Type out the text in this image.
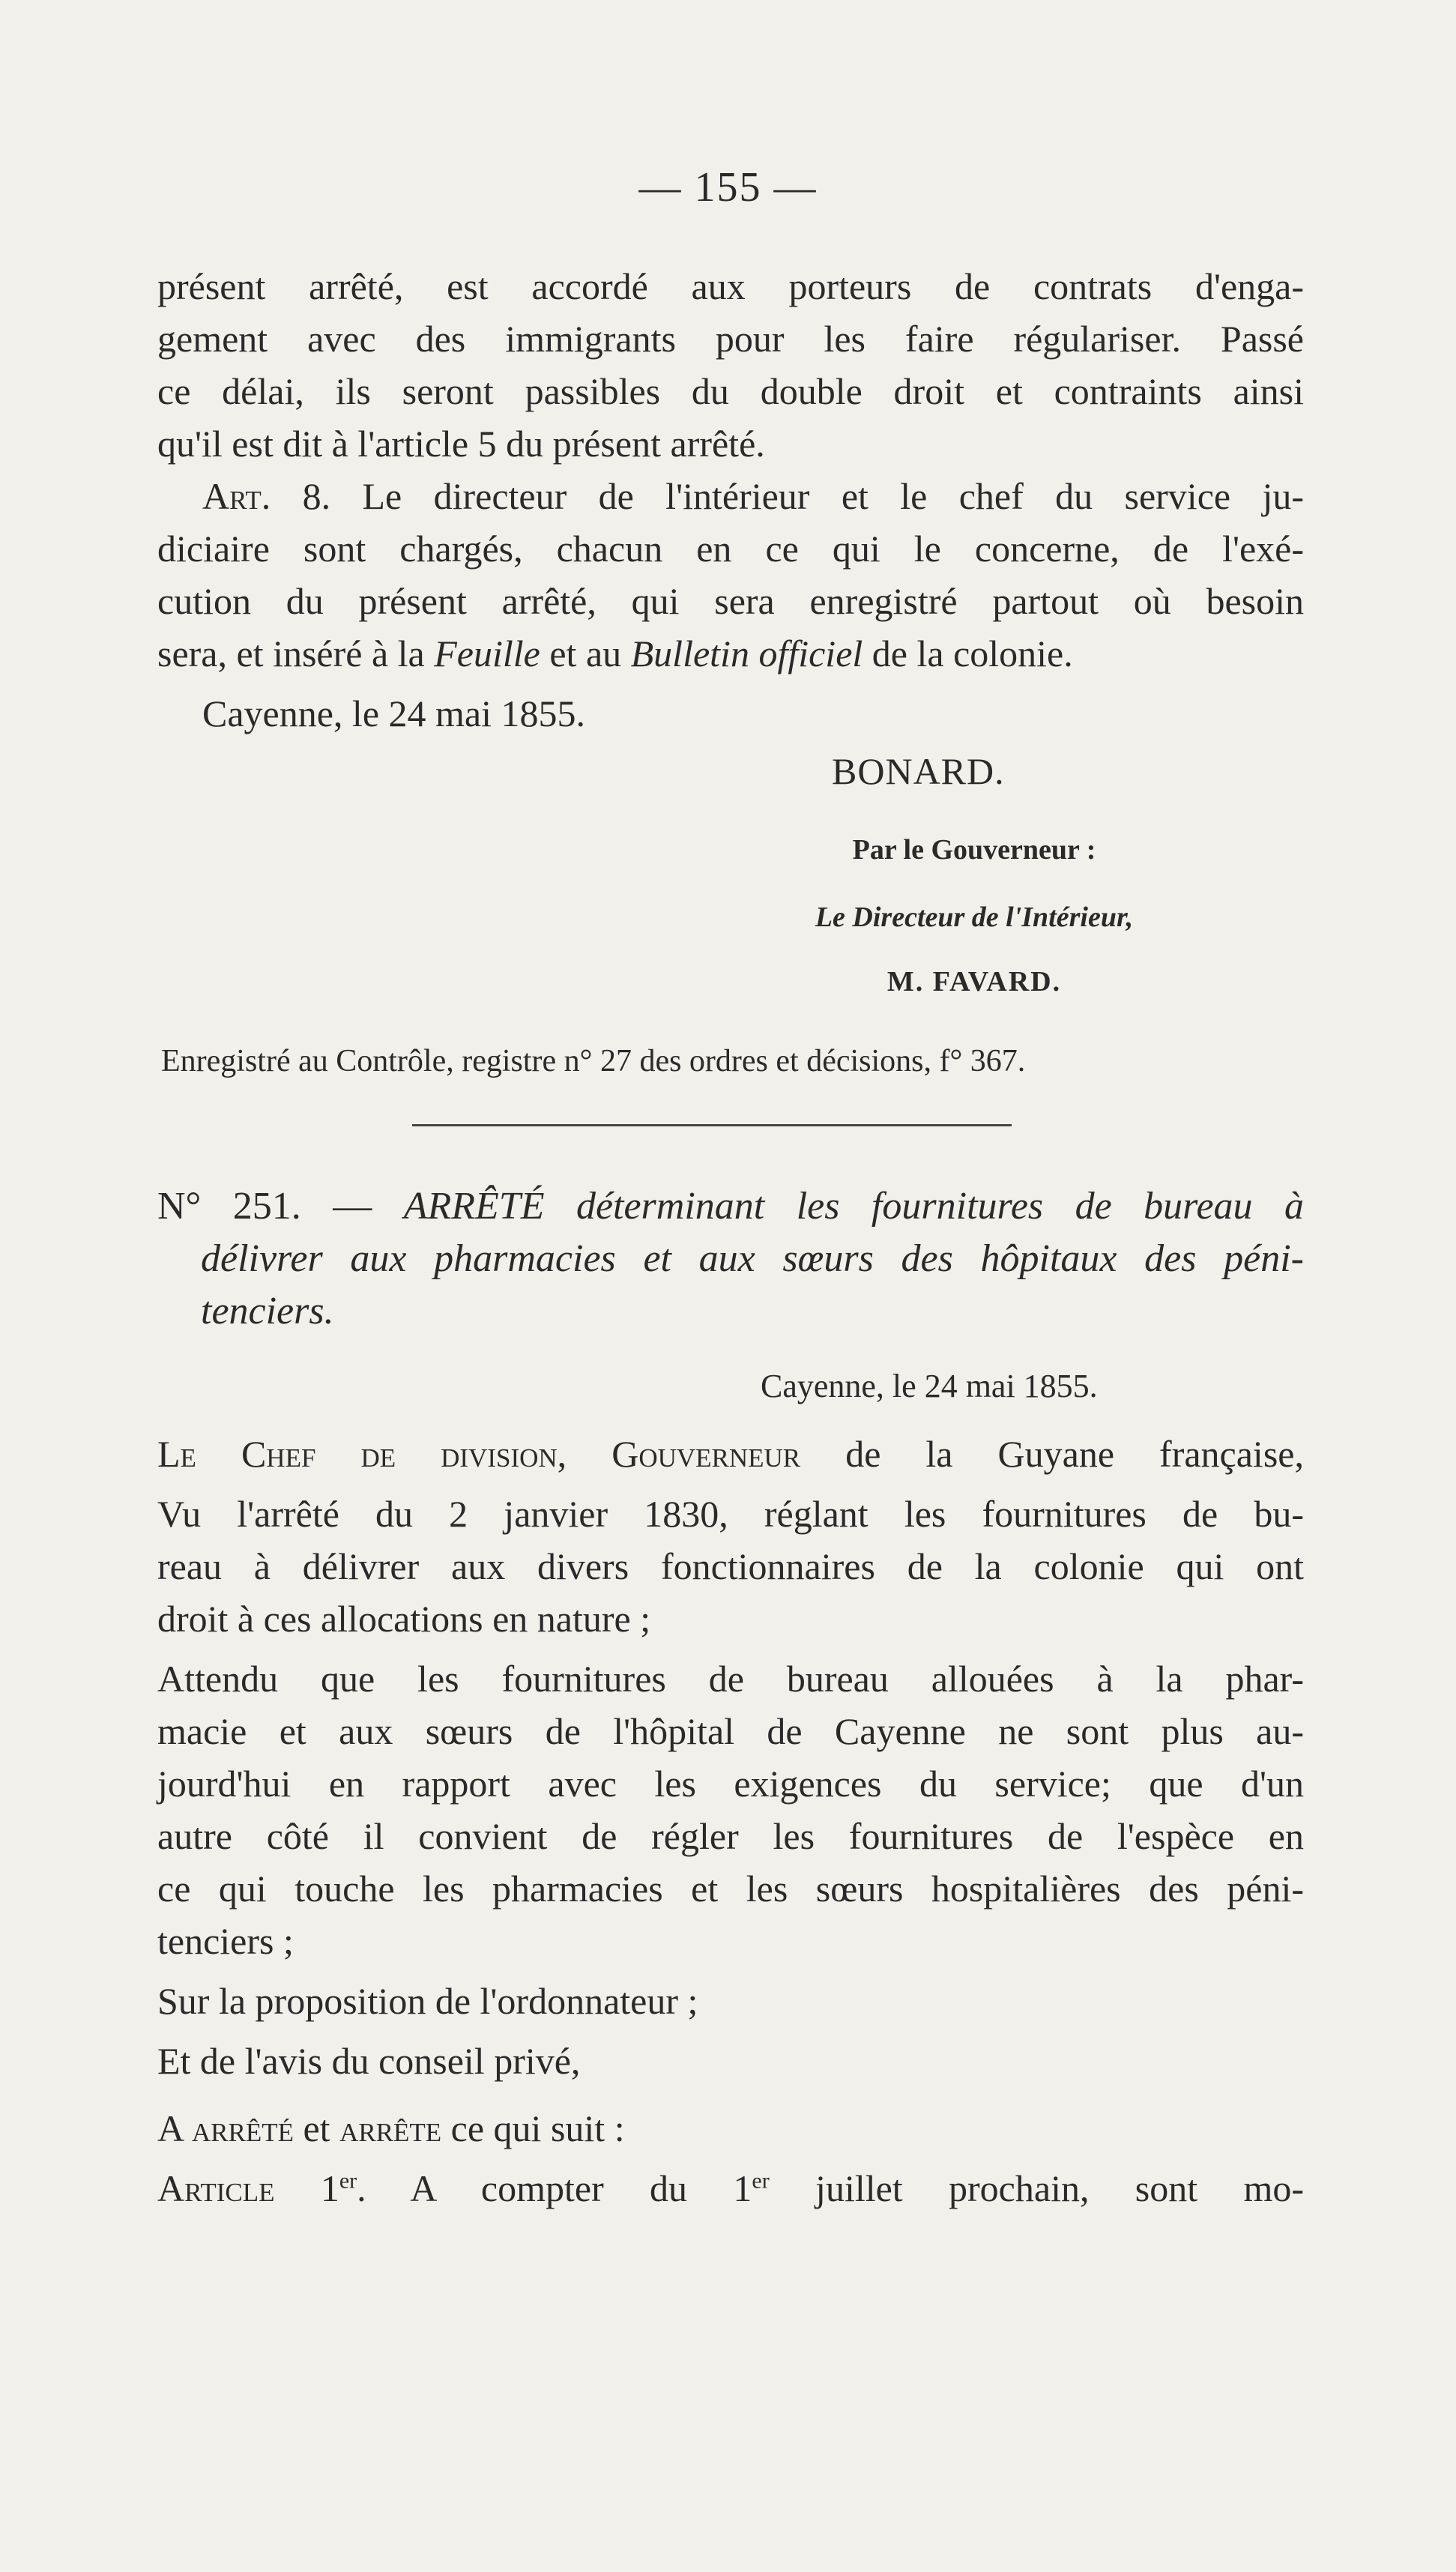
— 155 —
présent arrêté, est accordé aux porteurs de contrats d'enga-
gement avec des immigrants pour les faire régulariser. Passé
ce délai, ils seront passibles du double droit et contraints ainsi
qu'il est dit à l'article 5 du présent arrêté.
Art. 8. Le directeur de l'intérieur et le chef du service ju-
diciaire sont chargés, chacun en ce qui le concerne, de l'exé-
cution du présent arrêté, qui sera enregistré partout où besoin
sera, et inséré à la Feuille et au Bulletin officiel de la colonie.
Cayenne, le 24 mai 1855.
BONARD.
Par le Gouverneur :
Le Directeur de l'Intérieur,
M. FAVARD.
Enregistré au Contrôle, registre n° 27 des ordres et décisions, f° 367.
N° 251. — ARRÊTÉ déterminant les fournitures de bureau à
délivrer aux pharmacies et aux sœurs des hôpitaux des péni-
tenciers.
Cayenne, le 24 mai 1855.
Le Chef de division, Gouverneur de la Guyane française,
Vu l'arrêté du 2 janvier 1830, réglant les fournitures de bu-
reau à délivrer aux divers fonctionnaires de la colonie qui ont
droit à ces allocations en nature ;
Attendu que les fournitures de bureau allouées à la phar-
macie et aux sœurs de l'hôpital de Cayenne ne sont plus au-
jourd'hui en rapport avec les exigences du service; que d'un
autre côté il convient de régler les fournitures de l'espèce en
ce qui touche les pharmacies et les sœurs hospitalières des péni-
tenciers ;
Sur la proposition de l'ordonnateur ;
Et de l'avis du conseil privé,
A arrêté et arrête ce qui suit :
Article 1er. A compter du 1er juillet prochain, sont mo-
